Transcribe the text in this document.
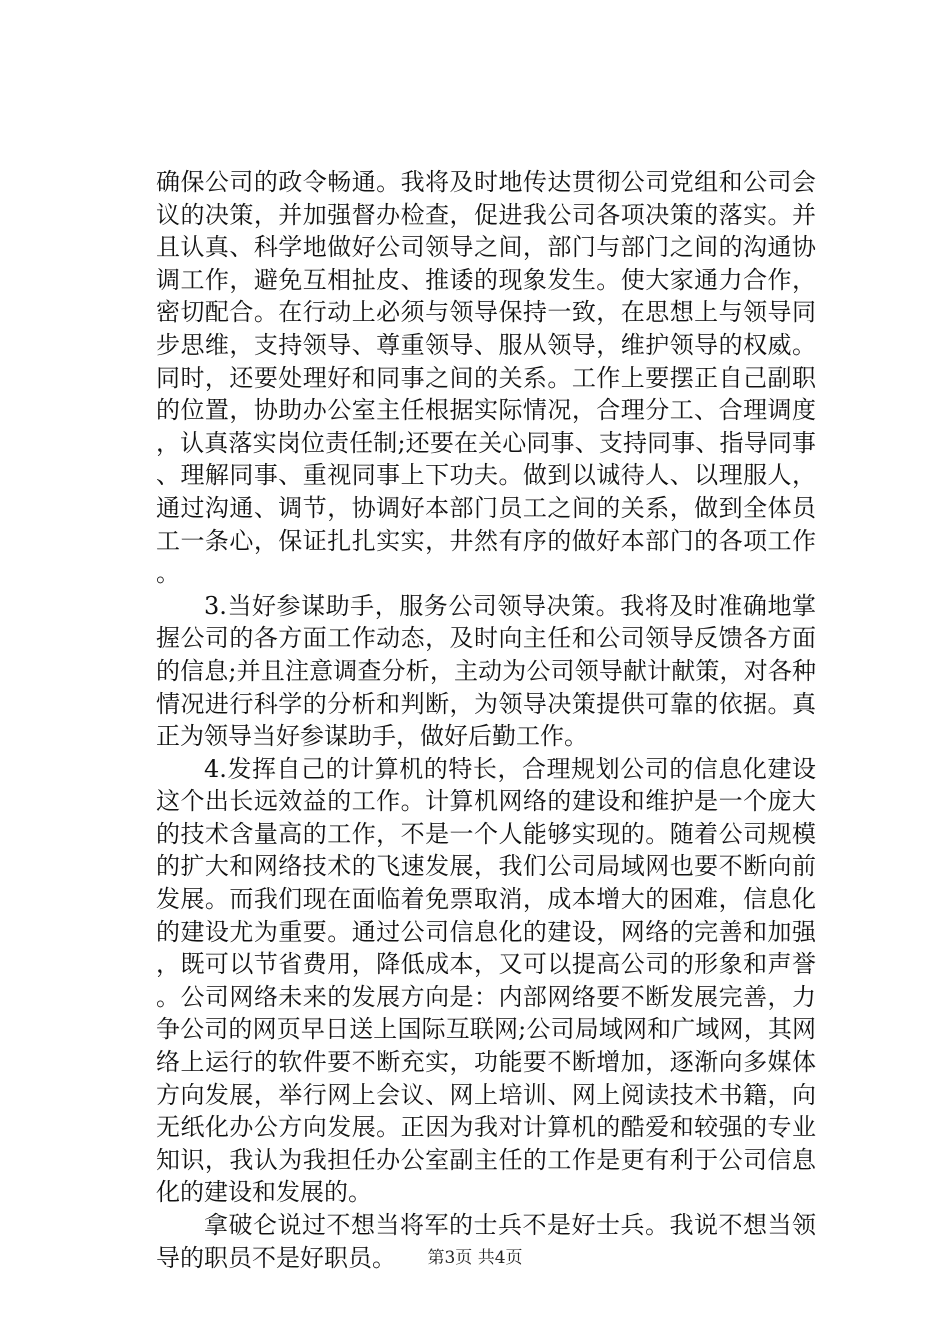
确保公司的政令畅通。我将及时地传达贯彻公司党组和公司会议的决策，并加强督办检查，促进我公司各项决策的落实。并且认真、科学地做好公司领导之间，部门与部门之间的沟通协调工作，避免互相扯皮、推诿的现象发生。使大家通力合作，密切配合。在行动上必须与领导保持一致，在思想上与领导同步思维，支持领导、尊重领导、服从领导，维护领导的权威。同时，还要处理好和同事之间的关系。工作上要摆正自己副职的位置，协助办公室主任根据实际情况，合理分工、合理调度，认真落实岗位责任制;还要在关心同事、支持同事、指导同事、理解同事、重视同事上下功夫。做到以诚待人、以理服人，通过沟通、调节，协调好本部门员工之间的关系，做到全体员工一条心，保证扎扎实实，井然有序的做好本部门的各项工作。

3.当好参谋助手，服务公司领导决策。我将及时准确地掌握公司的各方面工作动态，及时向主任和公司领导反馈各方面的信息;并且注意调查分析，主动为公司领导献计献策，对各种情况进行科学的分析和判断，为领导决策提供可靠的依据。真正为领导当好参谋助手，做好后勤工作。

4.发挥自己的计算机的特长，合理规划公司的信息化建设这个出长远效益的工作。计算机网络的建设和维护是一个庞大的技术含量高的工作，不是一个人能够实现的。随着公司规模的扩大和网络技术的飞速发展，我们公司局域网也要不断向前发展。而我们现在面临着免票取消，成本增大的困难，信息化的建设尤为重要。通过公司信息化的建设，网络的完善和加强，既可以节省费用，降低成本，又可以提高公司的形象和声誉。公司网络未来的发展方向是：内部网络要不断发展完善，力争公司的网页早日送上国际互联网;公司局域网和广域网，其网络上运行的软件要不断充实，功能要不断增加，逐渐向多媒体方向发展，举行网上会议、网上培训、网上阅读技术书籍，向无纸化办公方向发展。正因为我对计算机的酷爱和较强的专业知识，我认为我担任办公室副主任的工作是更有利于公司信息化的建设和发展的。

拿破仑说过不想当将军的士兵不是好士兵。我说不想当领导的职员不是好职员。	第3页 共4页
